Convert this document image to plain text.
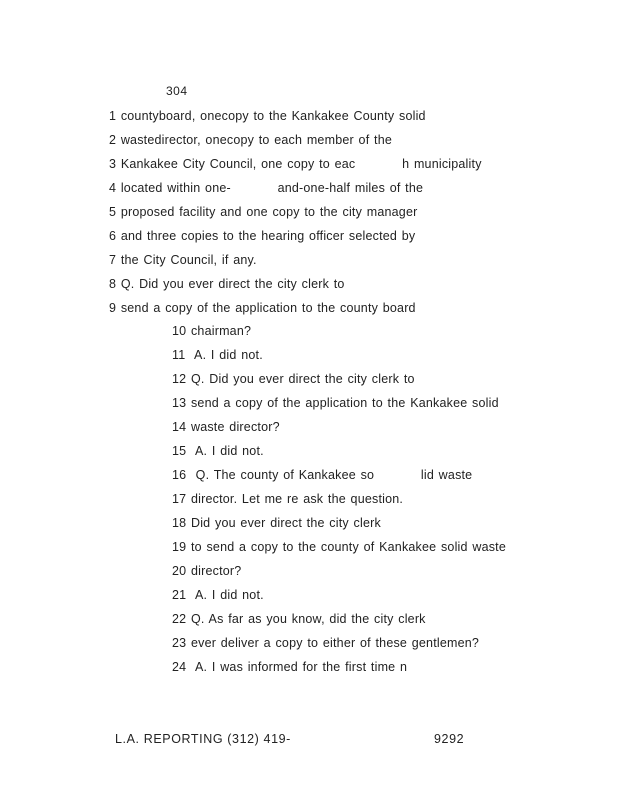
304
1 countyboard, onecopy to the Kankakee County solid
2 wastedirector, onecopy to each member of the
3 Kankakee City Council, one copy to eac          h municipality
4 located within one-          and-one-half miles of the
5 proposed facility and one copy to the city manager
6 and three copies to the hearing officer selected by
7 the City Council, if any.
8 Q. Did you ever direct the city clerk to
9 send a copy of the application to the county board
10 chairman?
11  A. I did not.
12 Q. Did you ever direct the city clerk to
13 send a copy of the application to the Kankakee solid
14 waste director?
15  A. I did not.
16  Q. The county of Kankakee so          lid waste
17 director. Let me re ask the question.
18 Did you ever direct the city clerk
19 to send a copy to the county of Kankakee solid waste
20 director?
21  A. I did not.
22 Q. As far as you know, did the city clerk
23 ever deliver a copy to either of these gentlemen?
24  A. I was informed for the first time n
L.A. REPORTING (312) 419-	9292
